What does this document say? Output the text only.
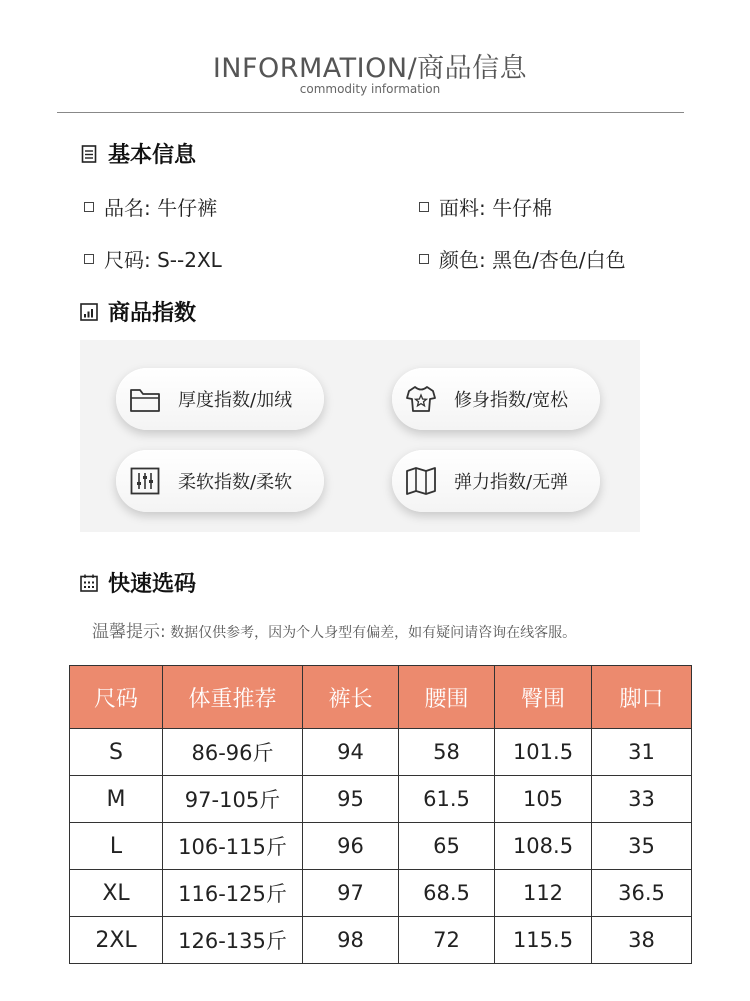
INFORMATION/商品信息
commodity information
基本信息
品名: 牛仔裤	面料: 牛仔棉
尺码: S--2XL	颜色: 黑色/杏色/白色
商品指数
厚度指数/加绒	修身指数/宽松
柔软指数/柔软	弹力指数/无弹
快速选码
温馨提示: 数据仅供参考，因为个人身型有偏差，如有疑问请咨询在线客服。
尺码	体重推荐	裤长	腰围	臀围	脚口
S	86-96斤	94	58	101.5	31
M	97-105斤	95	61.5	105	33
L	106-115斤	96	65	108.5	35
XL	116-125斤	97	68.5	112	36.5
2XL	126-135斤	98	72	115.5	38
